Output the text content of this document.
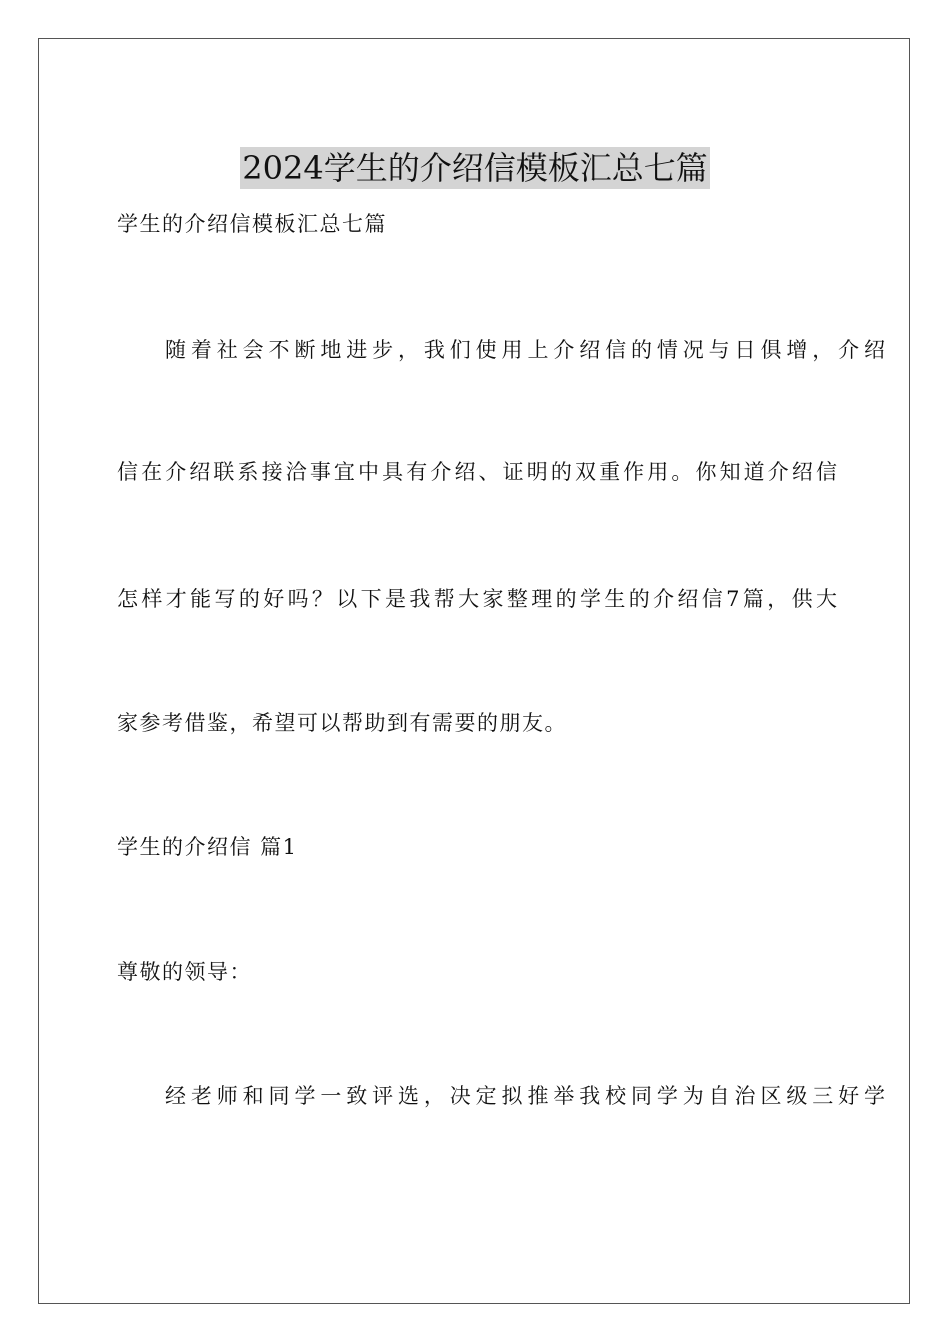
2024学生的介绍信模板汇总七篇
学生的介绍信模板汇总七篇
随着社会不断地进步，我们使用上介绍信的情况与日俱增，介绍
信在介绍联系接洽事宜中具有介绍、证明的双重作用。你知道介绍信
怎样才能写的好吗？以下是我帮大家整理的学生的介绍信7篇，供大
家参考借鉴，希望可以帮助到有需要的朋友。
学生的介绍信 篇1
尊敬的领导：
经老师和同学一致评选，决定拟推举我校同学为自治区级三好学
